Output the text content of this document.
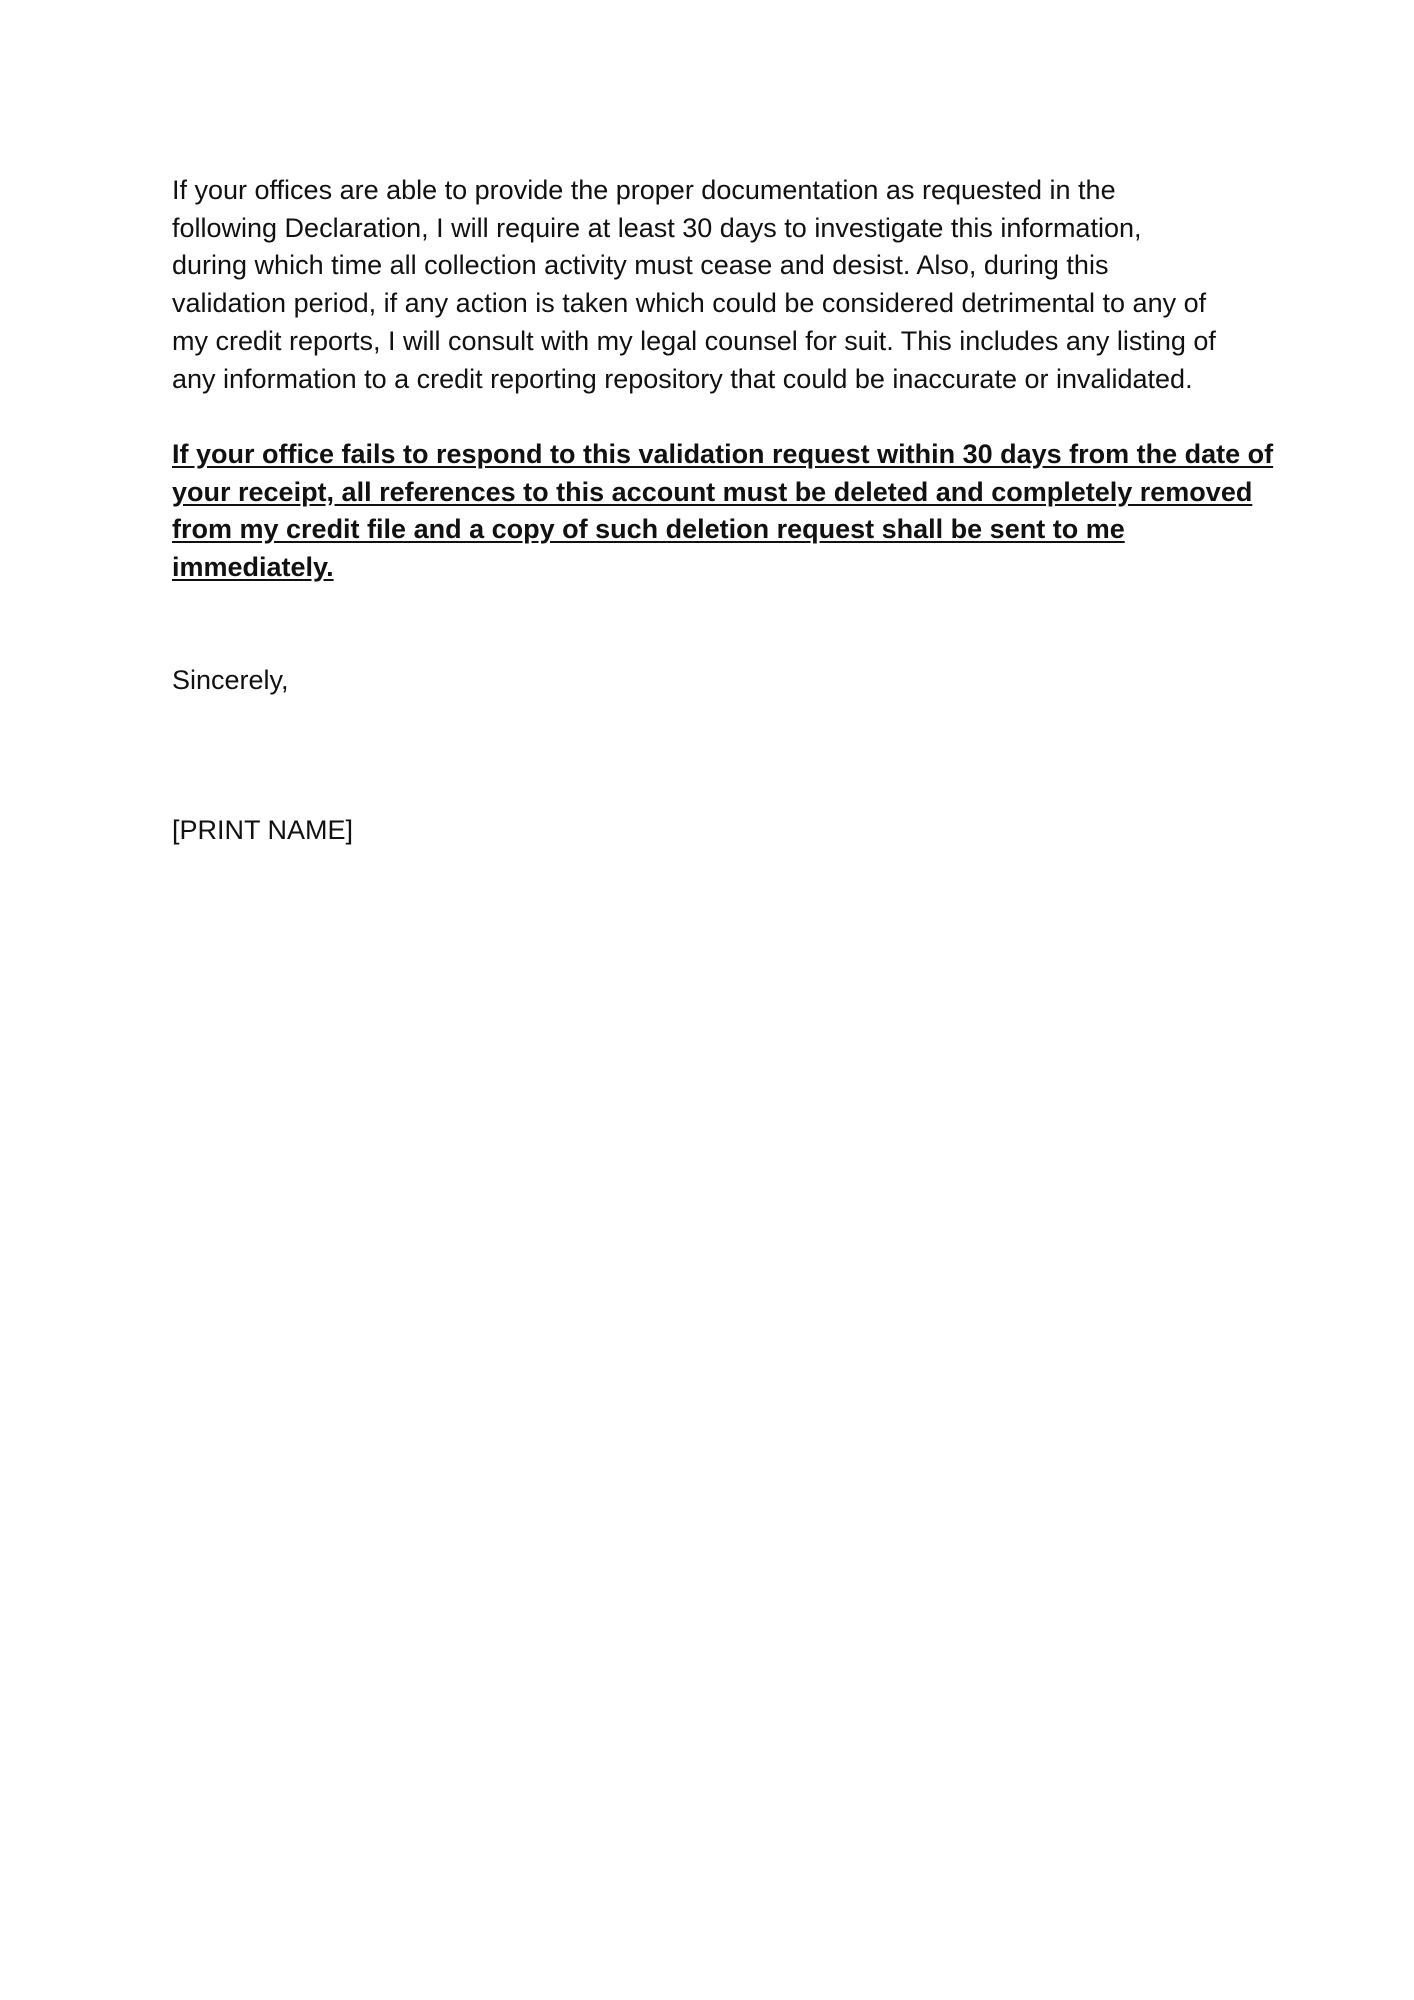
If your offices are able to provide the proper documentation as requested in the
following Declaration, I will require at least 30 days to investigate this information,
during which time all collection activity must cease and desist. Also, during this
validation period, if any action is taken which could be considered detrimental to any of
my credit reports, I will consult with my legal counsel for suit. This includes any listing of
any information to a credit reporting repository that could be inaccurate or invalidated.

If your office fails to respond to this validation request within 30 days from the date of
your receipt, all references to this account must be deleted and completely removed
from my credit file and a copy of such deletion request shall be sent to me
immediately.

Sincerely,

[PRINT NAME]
